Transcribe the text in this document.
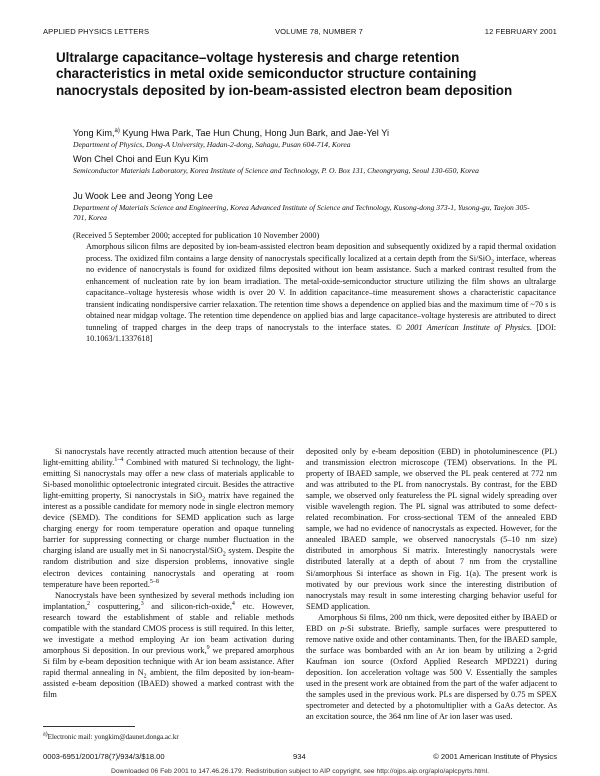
APPLIED PHYSICS LETTERS	VOLUME 78, NUMBER 7	12 FEBRUARY 2001
Ultralarge capacitance–voltage hysteresis and charge retention characteristics in metal oxide semiconductor structure containing nanocrystals deposited by ion-beam-assisted electron beam deposition
Yong Kim,$^{a)}$ Kyung Hwa Park, Tae Hun Chung, Hong Jun Bark, and Jae-Yel Yi
Department of Physics, Dong-A University, Hadan-2-dong, Sahagu, Pusan 604-714, Korea
Won Chel Choi and Eun Kyu Kim
Semiconductor Materials Laboratory, Korea Institute of Science and Technology, P. O. Box 131, Cheongryang, Seoul 130-650, Korea
Ju Wook Lee and Jeong Yong Lee
Department of Materials Science and Engineering, Korea Advanced Institute of Science and Technology, Kusong-dong 373-1, Yusong-gu, Taejon 305-701, Korea
(Received 5 September 2000; accepted for publication 10 November 2000)
Amorphous silicon films are deposited by ion-beam-assisted electron beam deposition and subsequently oxidized by a rapid thermal oxidation process. The oxidized film contains a large density of nanocrystals specifically localized at a certain depth from the Si/SiO$_2$ interface, whereas no evidence of nanocrystals is found for oxidized films deposited without ion beam assistance. Such a marked contrast resulted from the enhancement of nucleation rate by ion beam irradiation. The metal-oxide-semiconductor structure utilizing the film shows an ultralarge capacitance–voltage hysteresis whose width is over 20 V. In addition capacitance–time measurement shows a characteristic capacitance transient indicating nondispersive carrier relaxation. The retention time shows a dependence on applied bias and the maximum time of ~70 s is obtained near midgap voltage. The retention time dependence on applied bias and large capacitance–voltage hysteresis are attributed to direct tunneling of trapped charges in the deep traps of nanocrystals to the interface states. © 2001 American Institute of Physics. [DOI: 10.1063/1.1337618]

Si nanocrystals have recently attracted much attention because of their light-emitting ability.$^{1-4}$ Combined with matured Si technology, the light-emitting Si nanocrystals may offer a new class of materials applicable to Si-based monolithic optoelectronic integrated circuit. Besides the attractive light-emitting property, Si nanocrystals in SiO$_2$ matrix have regained the interest as a possible candidate for memory node in single electron memory device (SEMD). The conditions for SEMD application such as large charging energy for room temperature operation and opaque tunneling barrier for suppressing connecting or charge number fluctuation in the charging island are usually met in Si nanocrystal/SiO$_2$ system. Despite the random distribution and size dispersion problems, innovative single electron devices containing nanocrystals and operating at room temperature have been reported.$^{5-8}$

Nanocrystals have been synthesized by several methods including ion implantation,$^2$ cosputtering,$^3$ and silicon-rich-oxide,$^4$ etc. However, research toward the establishment of stable and reliable methods compatible with the standard CMOS process is still required. In this letter, we investigate a method employing Ar ion beam activation during amorphous Si deposition. In our previous work,$^9$ we prepared amorphous Si film by e-beam deposition technique with Ar ion beam assistance. After rapid thermal annealing in $N_2$ ambient, the film deposited by ion-beam-assisted e-beam deposition (IBAED) showed a marked contrast with the film

deposited only by e-beam deposition (EBD) in photoluminescence (PL) and transmission electron microscope (TEM) observations. In the PL property of IBAED sample, we observed the PL peak centered at 772 nm and was attributed to the PL from nanocrystals. By contrast, for the EBD sample, we observed only featureless the PL signal widely spreading over visible wavelength region. The PL signal was attributed to some defect-related recombination. For cross-sectional TEM of the annealed EBD sample, we had no evidence of nanocrystals as expected. However, for the annealed IBAED sample, we observed nanocrystals (5–10 nm size) distributed in amorphous Si matrix. Interestingly nanocrystals were distributed laterally at a depth of about 7 nm from the crystalline Si/amorphous Si interface as shown in Fig. 1(a). The present work is motivated by our previous work since the interesting distribution of nanocrystals may result in some interesting charging behavior useful for SEMD application.

Amorphous Si films, 200 nm thick, were deposited either by IBAED or EBD on p-Si substrate. Briefly, sample surfaces were presputtered to remove native oxide and other contaminants. Then, for the IBAED sample, the surface was bombarded with an Ar ion beam by utilizing a 2-grid Kaufman ion source (Oxford Applied Research MPD221) during deposition. Ion acceleration voltage was 500 V. Essentially the samples used in the present work are obtained from the part of the wafer adjacent to the samples used in the previous work. PLs are dispersed by 0.75 m SPEX spectrometer and detected by a photomultiplier with a GaAs detector. As an excitation source, the 364 nm line of Ar ion laser was used.

$^{a)}$Electronic mail: yongkim@daunet.donga.ac.kr
0003-6951/2001/78(7)/934/3/$18.00	934	© 2001 American Institute of Physics
Downloaded 06 Feb 2001 to 147.46.26.179. Redistribution subject to AIP copyright, see http://ojps.aip.org/aplo/aplcpyrts.html.
